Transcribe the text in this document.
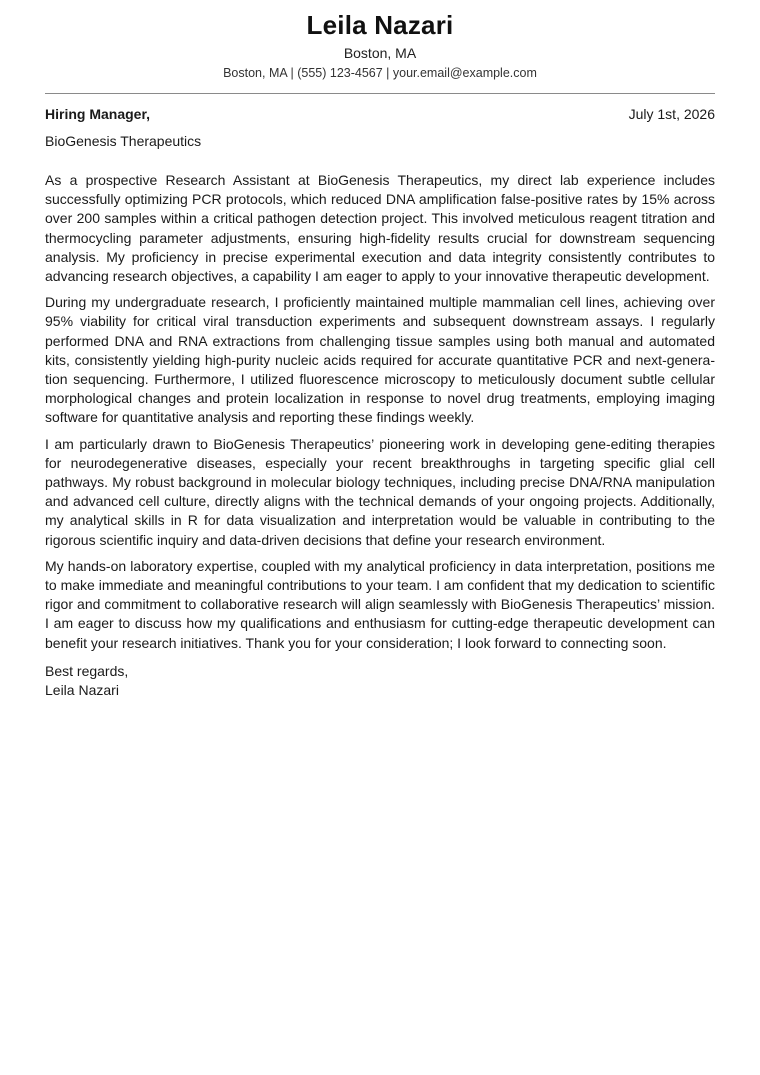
Leila Nazari
Boston, MA
Boston, MA | (555) 123-4567 | your.email@example.com
Hiring Manager,	July 1st, 2026
BioGenesis Therapeutics

As a prospective Research Assistant at BioGenesis Therapeutics, my direct lab experience includes successfully optimizing PCR protocols, which reduced DNA amplification false-positive rates by 15% across over 200 samples within a critical pathogen detection project. This involved meticulous reagent titration and thermocycling parameter adjustments, ensuring high-fidelity results crucial for downstream sequencing analysis. My proficiency in precise experimental execution and data integrity consistently contributes to advancing research objectives, a capability I am eager to apply to your innovative therapeutic development.

During my undergraduate research, I proficiently maintained multiple mammalian cell lines, achieving over 95% viability for critical viral transduction experiments and subsequent downstream assays. I regularly performed DNA and RNA extractions from challenging tissue samples using both manual and automated kits, consistently yielding high-purity nucleic acids required for accurate quantitative PCR and next-generation sequencing. Furthermore, I utilized fluorescence microscopy to meticulously document subtle cellular morphological changes and protein localization in response to novel drug treatments, employing imaging software for quantitative analysis and reporting these findings weekly.

I am particularly drawn to BioGenesis Therapeutics’ pioneering work in developing gene-editing therapies for neurodegenerative diseases, especially your recent breakthroughs in targeting specific glial cell pathways. My robust background in molecular biology techniques, including precise DNA/RNA manipulation and advanced cell culture, directly aligns with the technical demands of your ongoing projects. Additionally, my analytical skills in R for data visualization and interpretation would be valuable in contributing to the rigorous scientific inquiry and data-driven decisions that define your research environment.

My hands-on laboratory expertise, coupled with my analytical proficiency in data interpretation, positions me to make immediate and meaningful contributions to your team. I am confident that my dedication to scientific rigor and commitment to collaborative research will align seamlessly with BioGenesis Therapeutics’ mission. I am eager to discuss how my qualifications and enthusiasm for cutting-edge therapeutic development can benefit your research initiatives. Thank you for your consideration; I look forward to connecting soon.

Best regards,
Leila Nazari
